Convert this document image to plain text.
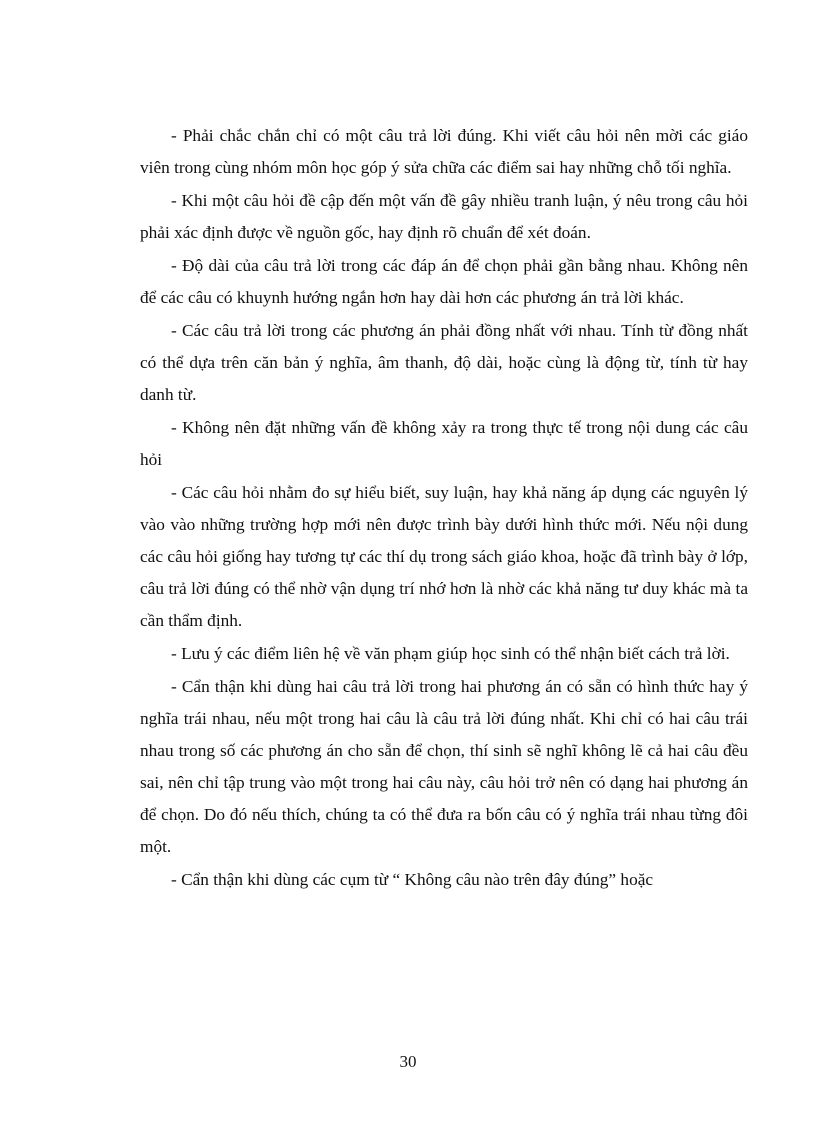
- Phải chắc chắn chỉ có một câu trả lời đúng. Khi viết câu hỏi nên mời các giáo viên trong cùng nhóm môn học góp ý sửa chữa các điểm sai hay những chỗ tối nghĩa.

- Khi một câu hỏi đề cập đến một vấn đề gây nhiều tranh luận, ý nêu trong câu hỏi phải xác định được về nguồn gốc, hay định rõ chuẩn để xét đoán.

- Độ dài của câu trả lời trong các đáp án để chọn phải gần bằng nhau. Không nên để các câu có khuynh hướng ngắn hơn hay dài hơn các phương án trả lời khác.

- Các câu trả lời trong các phương án phải đồng nhất với nhau. Tính từ đồng nhất có thể dựa trên căn bản ý nghĩa, âm thanh, độ dài, hoặc cùng là động từ, tính từ hay danh từ.

- Không nên đặt những vấn đề không xảy ra trong thực tế trong nội dung các câu hỏi

- Các câu hỏi nhằm đo sự hiểu biết, suy luận, hay khả năng áp dụng các nguyên lý vào vào những trường hợp mới nên được trình bày dưới hình thức mới. Nếu nội dung các câu hỏi giống hay tương tự các thí dụ trong sách giáo khoa, hoặc đã trình bày ở lớp, câu trả lời đúng có thể nhờ vận dụng trí nhớ hơn là nhờ các khả năng tư duy khác mà ta cần thẩm định.

- Lưu ý các điểm liên hệ về văn phạm giúp học sinh có thể nhận biết cách trả lời.

- Cẩn thận khi dùng hai câu trả lời trong hai phương án có sẵn có hình thức hay ý nghĩa trái nhau, nếu một trong hai câu là câu trả lời đúng nhất. Khi chỉ có hai câu trái nhau trong số các phương án cho sẵn để chọn, thí sinh sẽ nghĩ không lẽ cả hai câu đều sai, nên chỉ tập trung vào một trong hai câu này, câu hỏi trở nên có dạng hai phương án để chọn. Do đó nếu thích, chúng ta có thể đưa ra bốn câu có ý nghĩa trái nhau từng đôi một.

- Cẩn thận khi dùng các cụm từ “ Không câu nào trên đây đúng” hoặc

30
